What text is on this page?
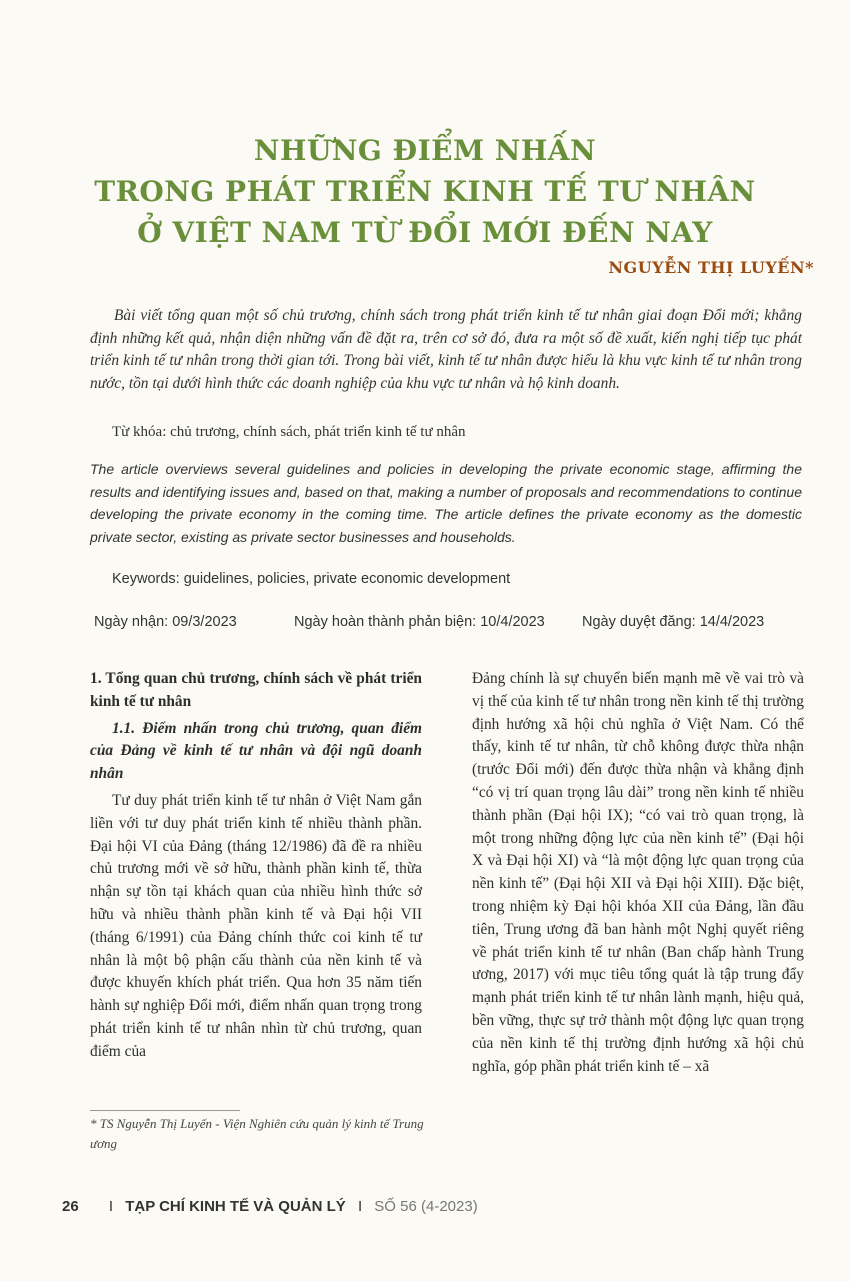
NHỮNG ĐIỂM NHẤN
TRONG PHÁT TRIỂN KINH TẾ TƯ NHÂN
Ở VIỆT NAM TỪ ĐỔI MỚI ĐẾN NAY
NGUYỄN THỊ LUYẾN*
Bài viết tổng quan một số chủ trương, chính sách trong phát triển kinh tế tư nhân giai đoạn Đổi mới; khẳng định những kết quả, nhận diện những vấn đề đặt ra, trên cơ sở đó, đưa ra một số đề xuất, kiến nghị tiếp tục phát triển kinh tế tư nhân trong thời gian tới. Trong bài viết, kinh tế tư nhân được hiểu là khu vực kinh tế tư nhân trong nước, tồn tại dưới hình thức các doanh nghiệp của khu vực tư nhân và hộ kinh doanh.
Từ khóa: chủ trương, chính sách, phát triển kinh tế tư nhân
The article overviews several guidelines and policies in developing the private economic stage, affirming the results and identifying issues and, based on that, making a number of proposals and recommendations to continue developing the private economy in the coming time. The article defines the private economy as the domestic private sector, existing as private sector businesses and households.
Keywords: guidelines, policies, private economic development
Ngày nhận: 09/3/2023	Ngày hoàn thành phản biện: 10/4/2023	Ngày duyệt đăng: 14/4/2023

1. Tổng quan chủ trương, chính sách về phát triển kinh tế tư nhân

1.1. Điểm nhấn trong chủ trương, quan điểm của Đảng về kinh tế tư nhân và đội ngũ doanh nhân

Tư duy phát triển kinh tế tư nhân ở Việt Nam gắn liền với tư duy phát triển kinh tế nhiều thành phần. Đại hội VI của Đảng (tháng 12/1986) đã đề ra nhiều chủ trương mới về sở hữu, thành phần kinh tế, thừa nhận sự tồn tại khách quan của nhiều hình thức sở hữu và nhiều thành phần kinh tế và Đại hội VII (tháng 6/1991) của Đảng chính thức coi kinh tế tư nhân là một bộ phận cấu thành của nền kinh tế và được khuyến khích phát triển. Qua hơn 35 năm tiến hành sự nghiệp Đổi mới, điểm nhấn quan trọng trong phát triển kinh tế tư nhân nhìn từ chủ trương, quan điểm của

Đảng chính là sự chuyển biến mạnh mẽ về vai trò và vị thế của kinh tế tư nhân trong nền kinh tế thị trường định hướng xã hội chủ nghĩa ở Việt Nam. Có thể thấy, kinh tế tư nhân, từ chỗ không được thừa nhận (trước Đổi mới) đến được thừa nhận và khẳng định “có vị trí quan trọng lâu dài” trong nền kinh tế nhiều thành phần (Đại hội IX); “có vai trò quan trọng, là một trong những động lực của nền kinh tế” (Đại hội X và Đại hội XI) và “là một động lực quan trọng của nền kinh tế” (Đại hội XII và Đại hội XIII). Đặc biệt, trong nhiệm kỳ Đại hội khóa XII của Đảng, lần đầu tiên, Trung ương đã ban hành một Nghị quyết riêng về phát triển kinh tế tư nhân (Ban chấp hành Trung ương, 2017) với mục tiêu tổng quát là tập trung đẩy mạnh phát triển kinh tế tư nhân lành mạnh, hiệu quả, bền vững, thực sự trở thành một động lực quan trọng của nền kinh tế thị trường định hướng xã hội chủ nghĩa, góp phần phát triển kinh tế – xã

* TS Nguyễn Thị Luyến - Viện Nghiên cứu quản lý kinh tế Trung ương
26 I TẠP CHÍ KINH TẾ VÀ QUẢN LÝ I SỐ 56 (4-2023)
